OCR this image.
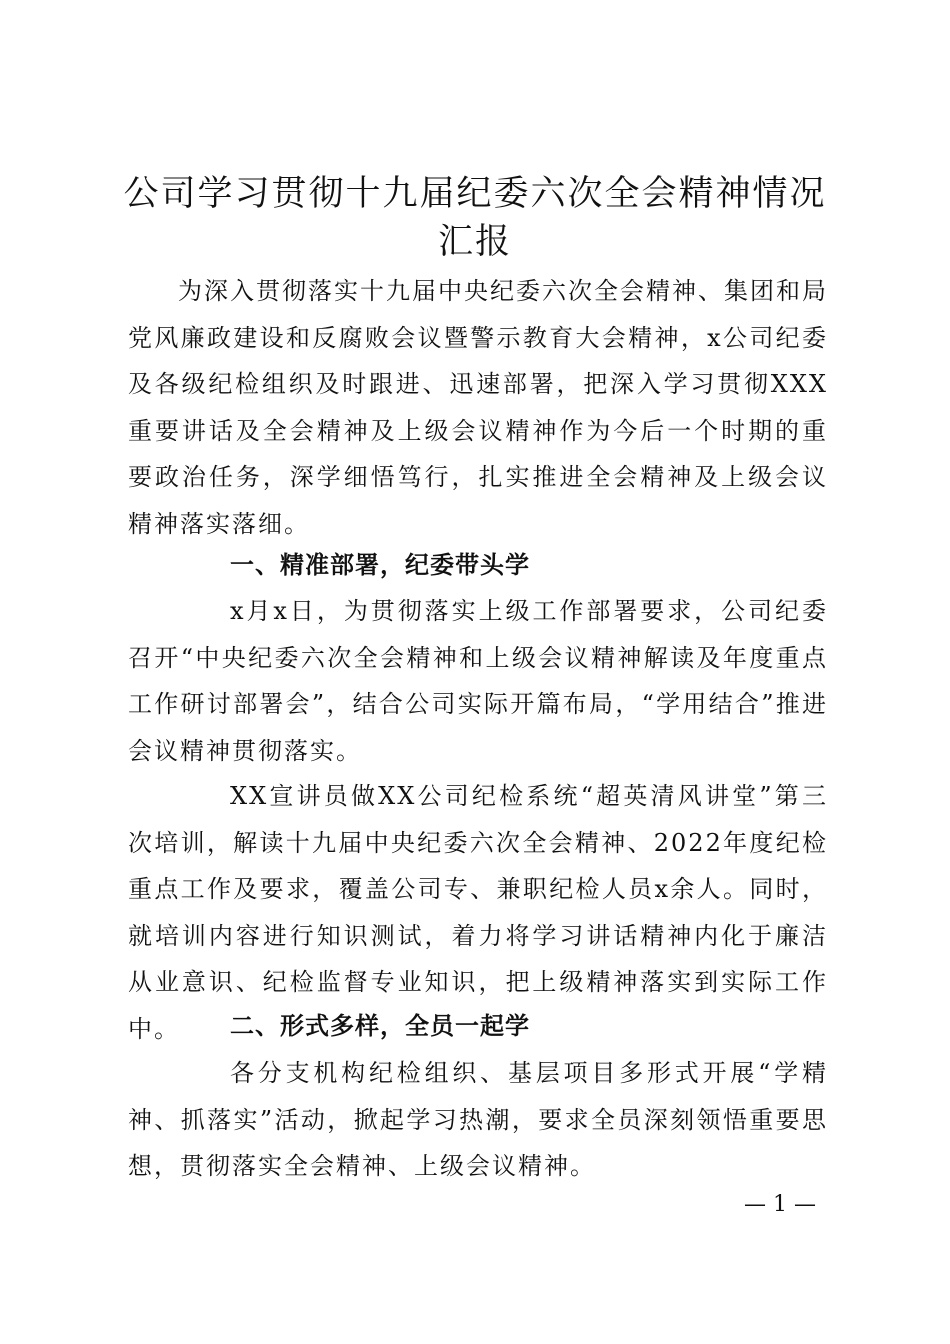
公司学习贯彻十九届纪委六次全会精神情况汇报

为深入贯彻落实十九届中央纪委六次全会精神、集团和局党风廉政建设和反腐败会议暨警示教育大会精神，x公司纪委及各级纪检组织及时跟进、迅速部署，把深入学习贯彻XXX重要讲话及全会精神及上级会议精神作为今后一个时期的重要政治任务，深学细悟笃行，扎实推进全会精神及上级会议精神落实落细。

一、精准部署，纪委带头学

x月x日，为贯彻落实上级工作部署要求，公司纪委召开“中央纪委六次全会精神和上级会议精神解读及年度重点工作研讨部署会”，结合公司实际开篇布局，“学用结合”推进会议精神贯彻落实。

XX宣讲员做XX公司纪检系统“超英清风讲堂”第三次培训，解读十九届中央纪委六次全会精神、2022年度纪检重点工作及要求，覆盖公司专、兼职纪检人员x余人。同时，就培训内容进行知识测试，着力将学习讲话精神内化于廉洁从业意识、纪检监督专业知识，把上级精神落实到实际工作中。	二、形式多样，全员一起学

各分支机构纪检组织、基层项目多形式开展“学精神、抓落实”活动，掀起学习热潮，要求全员深刻领悟重要思想，贯彻落实全会精神、上级会议精神。

— 1 —
